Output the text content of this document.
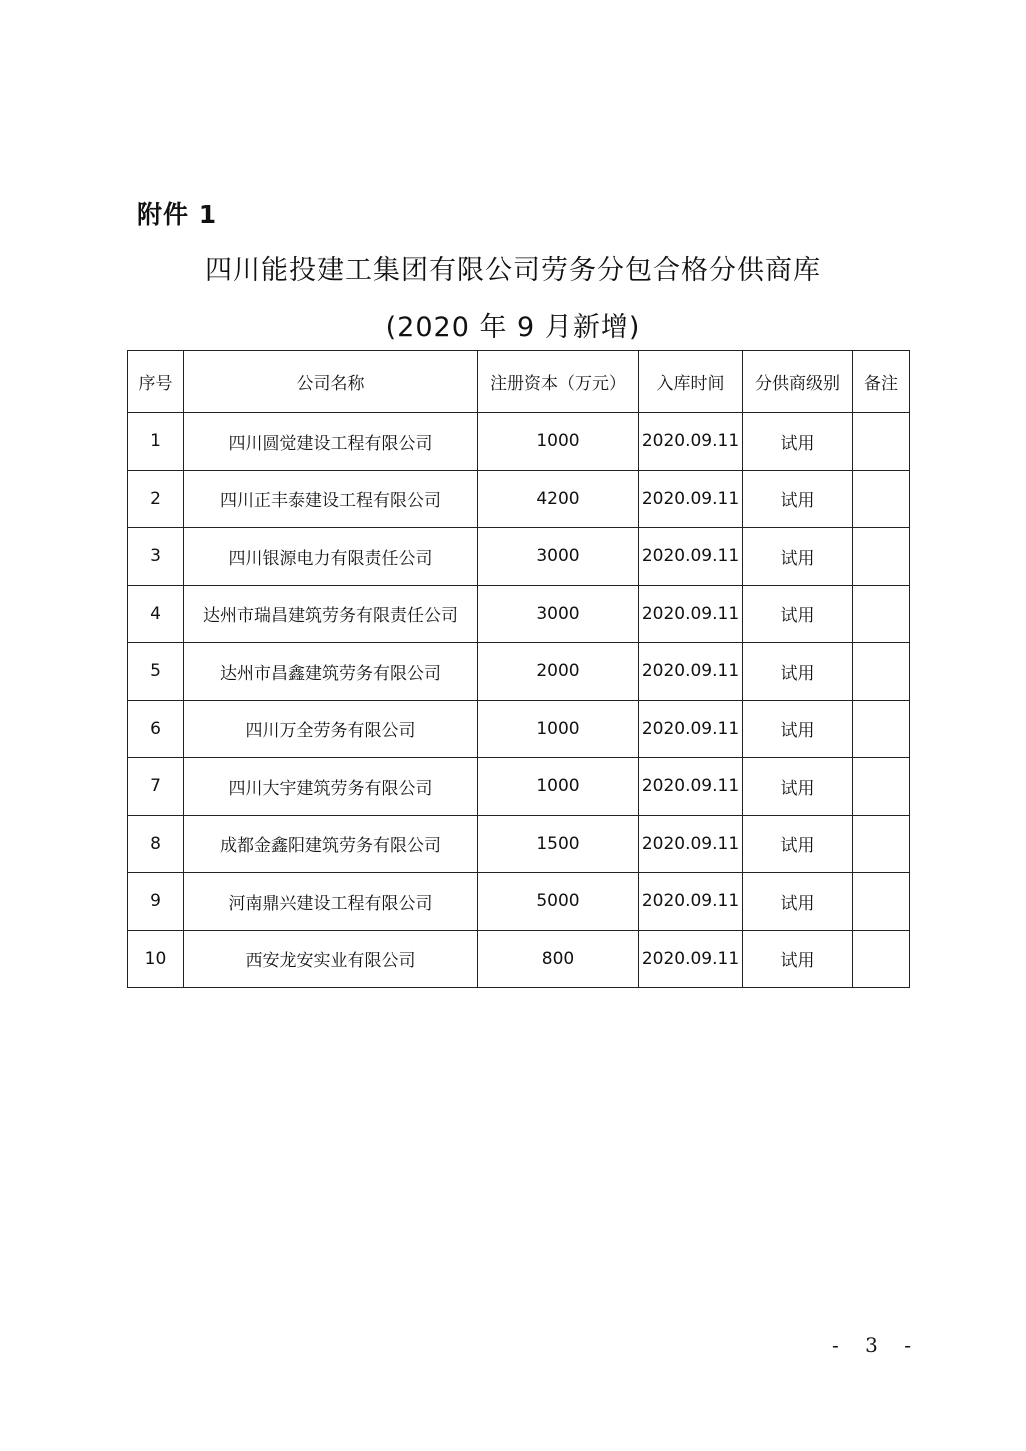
附件 1
四川能投建工集团有限公司劳务分包合格分供商库
(2020 年 9 月新增)
序号	公司名称	注册资本（万元）	入库时间	分供商级别	备注
1	四川圆觉建设工程有限公司	1000	2020.09.11	试用	
2	四川正丰泰建设工程有限公司	4200	2020.09.11	试用	
3	四川银源电力有限责任公司	3000	2020.09.11	试用	
4	达州市瑞昌建筑劳务有限责任公司	3000	2020.09.11	试用	
5	达州市昌鑫建筑劳务有限公司	2000	2020.09.11	试用	
6	四川万全劳务有限公司	1000	2020.09.11	试用	
7	四川大宇建筑劳务有限公司	1000	2020.09.11	试用	
8	成都金鑫阳建筑劳务有限公司	1500	2020.09.11	试用	
9	河南鼎兴建设工程有限公司	5000	2020.09.11	试用	
10	西安龙安实业有限公司	800	2020.09.11	试用	
- 3 -
